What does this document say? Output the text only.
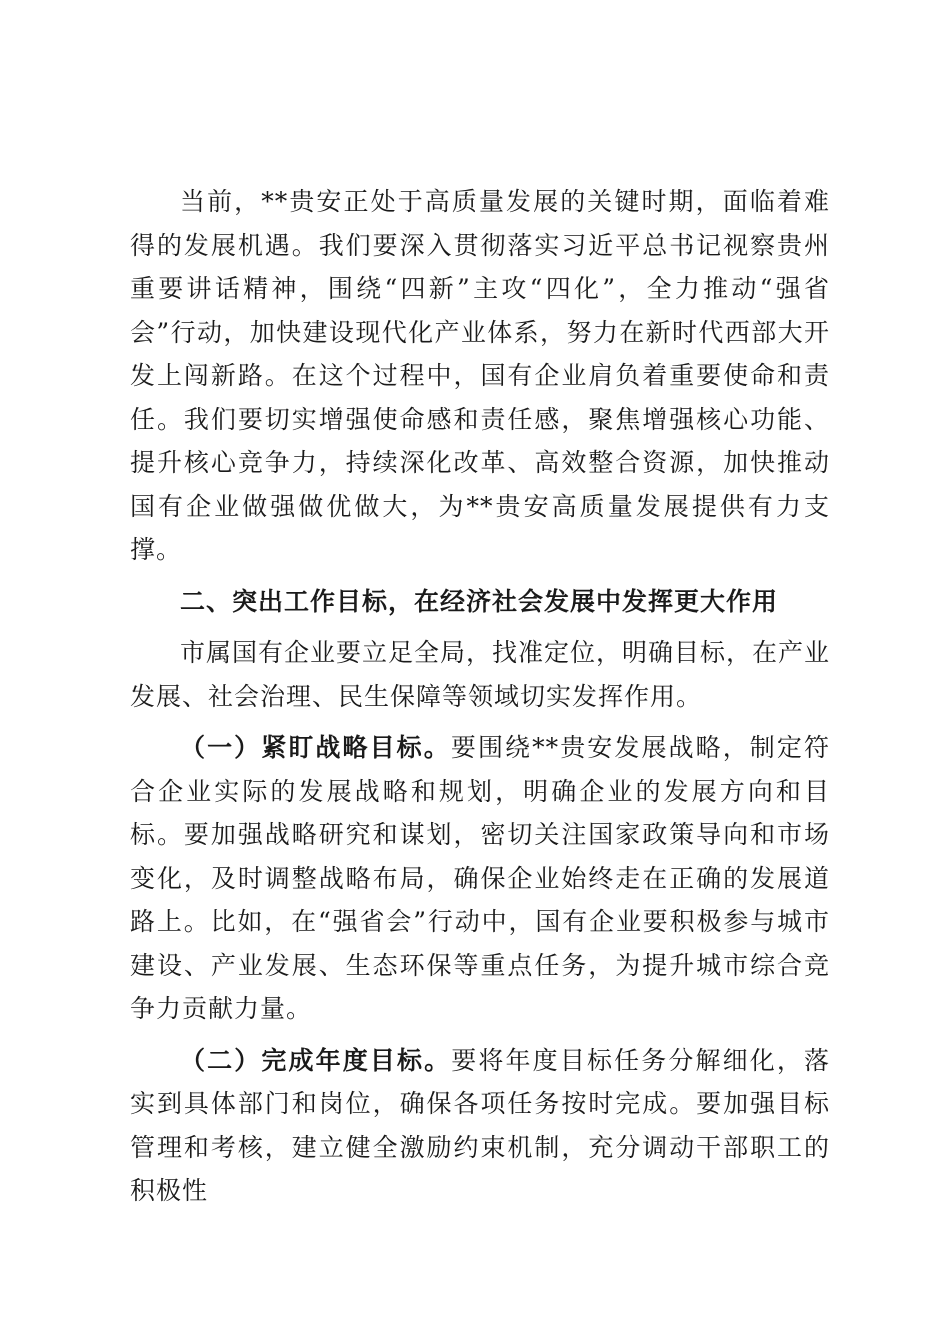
当前，**贵安正处于高质量发展的关键时期，面临着难得的发展机遇。我们要深入贯彻落实习近平总书记视察贵州重要讲话精神，围绕“四新”主攻“四化”，全力推动“强省会”行动，加快建设现代化产业体系，努力在新时代西部大开发上闯新路。在这个过程中，国有企业肩负着重要使命和责任。我们要切实增强使命感和责任感，聚焦增强核心功能、提升核心竞争力，持续深化改革、高效整合资源，加快推动国有企业做强做优做大，为**贵安高质量发展提供有力支撑。

二、突出工作目标，在经济社会发展中发挥更大作用

市属国有企业要立足全局，找准定位，明确目标，在产业发展、社会治理、民生保障等领域切实发挥作用。

（一）紧盯战略目标。要围绕**贵安发展战略，制定符合企业实际的发展战略和规划，明确企业的发展方向和目标。要加强战略研究和谋划，密切关注国家政策导向和市场变化，及时调整战略布局，确保企业始终走在正确的发展道路上。比如，在“强省会”行动中，国有企业要积极参与城市建设、产业发展、生态环保等重点任务，为提升城市综合竞争力贡献力量。

（二）完成年度目标。要将年度目标任务分解细化，落实到具体部门和岗位，确保各项任务按时完成。要加强目标管理和考核，建立健全激励约束机制，充分调动干部职工的积极性
